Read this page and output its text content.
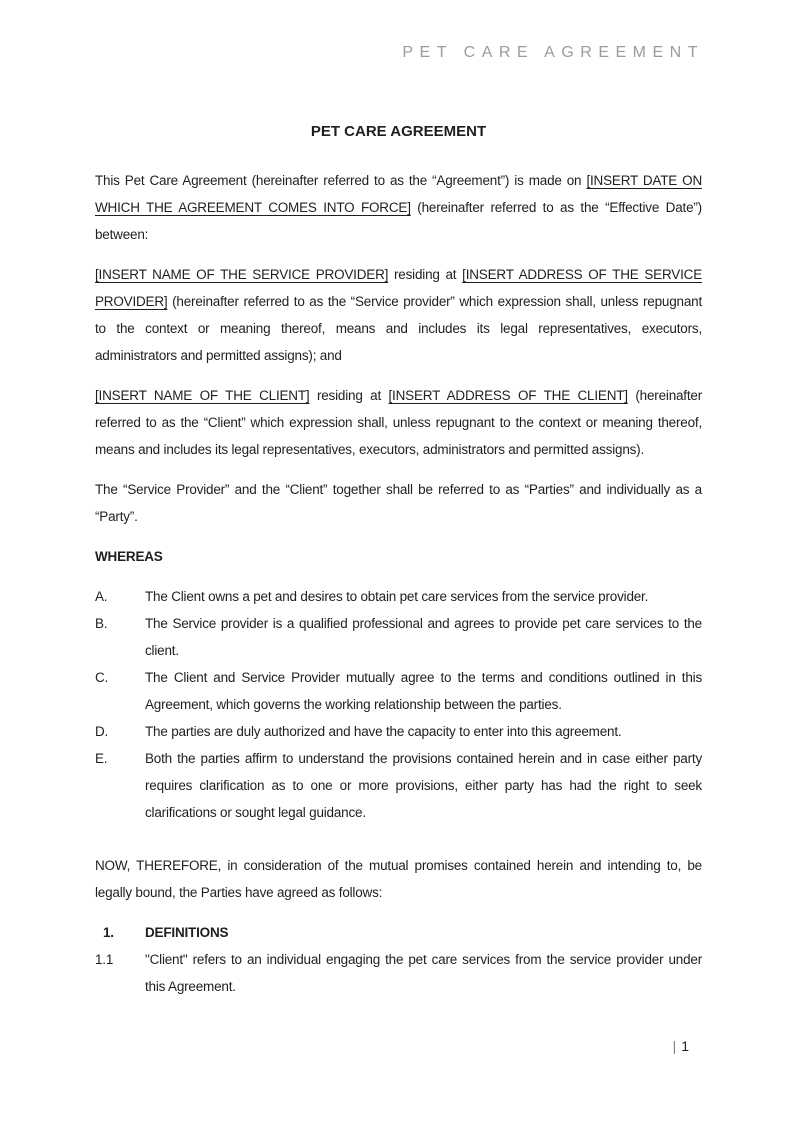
PET CARE AGREEMENT
PET CARE AGREEMENT

This Pet Care Agreement (hereinafter referred to as the “Agreement”) is made on [INSERT DATE ON WHICH THE AGREEMENT COMES INTO FORCE] (hereinafter referred to as the “Effective Date”) between:

[INSERT NAME OF THE SERVICE PROVIDER] residing at [INSERT ADDRESS OF THE SERVICE PROVIDER] (hereinafter referred to as the “Service provider” which expression shall, unless repugnant to the context or meaning thereof, means and includes its legal representatives, executors, administrators and permitted assigns); and

[INSERT NAME OF THE CLIENT] residing at [INSERT ADDRESS OF THE CLIENT] (hereinafter referred to as the “Client” which expression shall, unless repugnant to the context or meaning thereof, means and includes its legal representatives, executors, administrators and permitted assigns).

The “Service Provider” and the “Client” together shall be referred to as “Parties” and individually as a “Party”.

WHEREAS

A.	The Client owns a pet and desires to obtain pet care services from the service provider.
B.	The Service provider is a qualified professional and agrees to provide pet care services to the client.
C.	The Client and Service Provider mutually agree to the terms and conditions outlined in this Agreement, which governs the working relationship between the parties.
D.	The parties are duly authorized and have the capacity to enter into this agreement.
E.	Both the parties affirm to understand the provisions contained herein and in case either party requires clarification as to one or more provisions, either party has had the right to seek clarifications or sought legal guidance.

NOW, THEREFORE, in consideration of the mutual promises contained herein and intending to, be legally bound, the Parties have agreed as follows:

1. DEFINITIONS
1.1 "Client" refers to an individual engaging the pet care services from the service provider under this Agreement.
| 1
